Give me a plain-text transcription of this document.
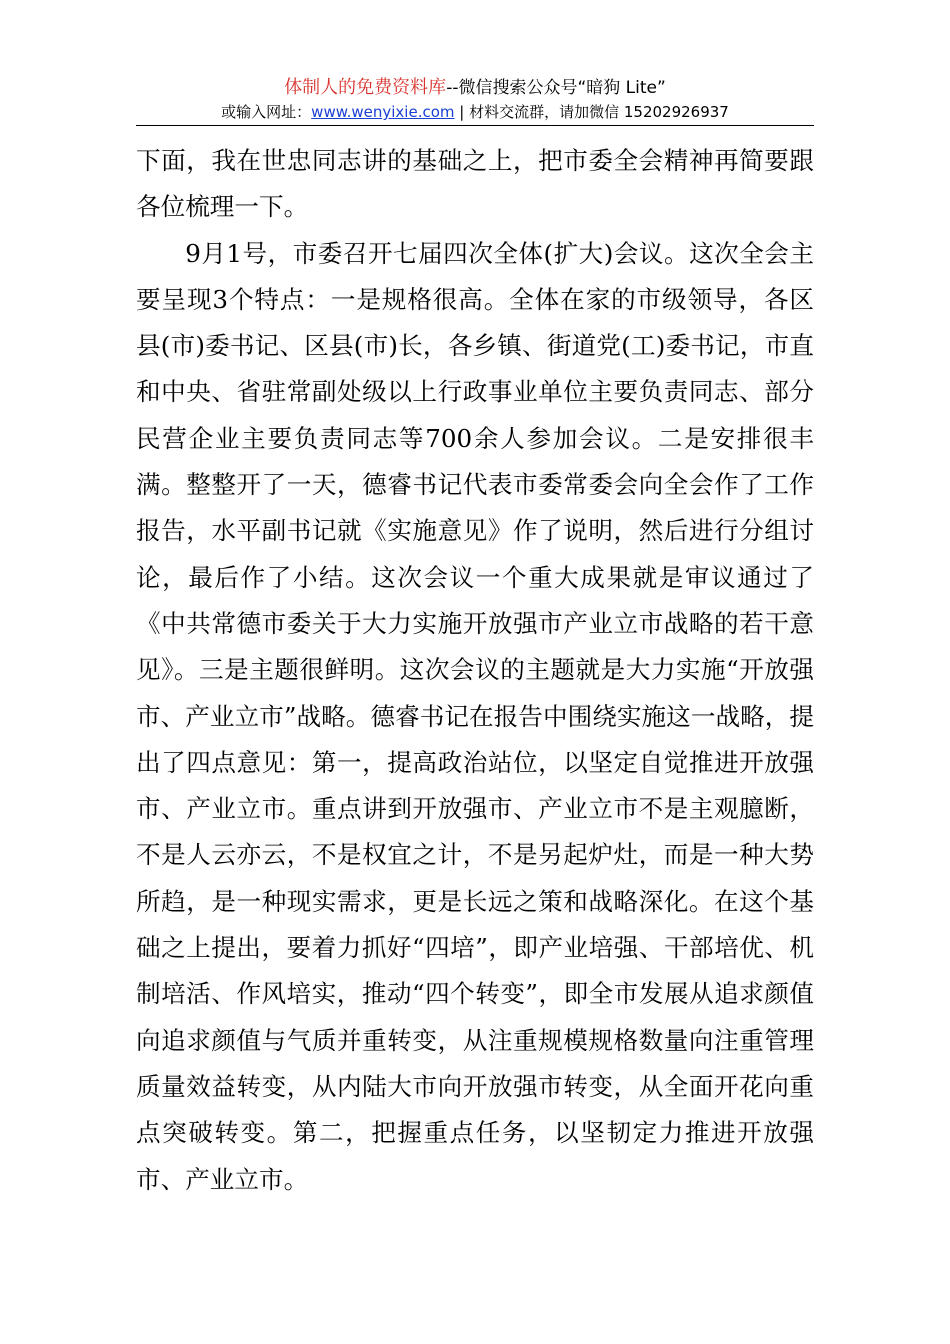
体制人的免费资料库--微信搜索公众号“暗狗 Lite”
或输入网址：www.wenyixie.com | 材料交流群，请加微信 15202926937

下面，我在世忠同志讲的基础之上，把市委全会精神再简要跟各位梳理一下。

9月1号，市委召开七届四次全体(扩大)会议。这次全会主要呈现3个特点：一是规格很高。全体在家的市级领导，各区县(市)委书记、区县(市)长，各乡镇、街道党(工)委书记，市直和中央、省驻常副处级以上行政事业单位主要负责同志、部分民营企业主要负责同志等700余人参加会议。二是安排很丰满。整整开了一天，德睿书记代表市委常委会向全会作了工作报告，水平副书记就《实施意见》作了说明，然后进行分组讨论，最后作了小结。这次会议一个重大成果就是审议通过了《中共常德市委关于大力实施开放强市产业立市战略的若干意见》。三是主题很鲜明。这次会议的主题就是大力实施“开放强市、产业立市”战略。德睿书记在报告中围绕实施这一战略，提出了四点意见：第一，提高政治站位，以坚定自觉推进开放强市、产业立市。重点讲到开放强市、产业立市不是主观臆断，不是人云亦云，不是权宜之计，不是另起炉灶，而是一种大势所趋，是一种现实需求，更是长远之策和战略深化。在这个基础之上提出，要着力抓好“四培”，即产业培强、干部培优、机制培活、作风培实，推动“四个转变”，即全市发展从追求颜值向追求颜值与气质并重转变，从注重规模规格数量向注重管理质量效益转变，从内陆大市向开放强市转变，从全面开花向重点突破转变。第二，把握重点任务，以坚韧定力推进开放强市、产业立市。
